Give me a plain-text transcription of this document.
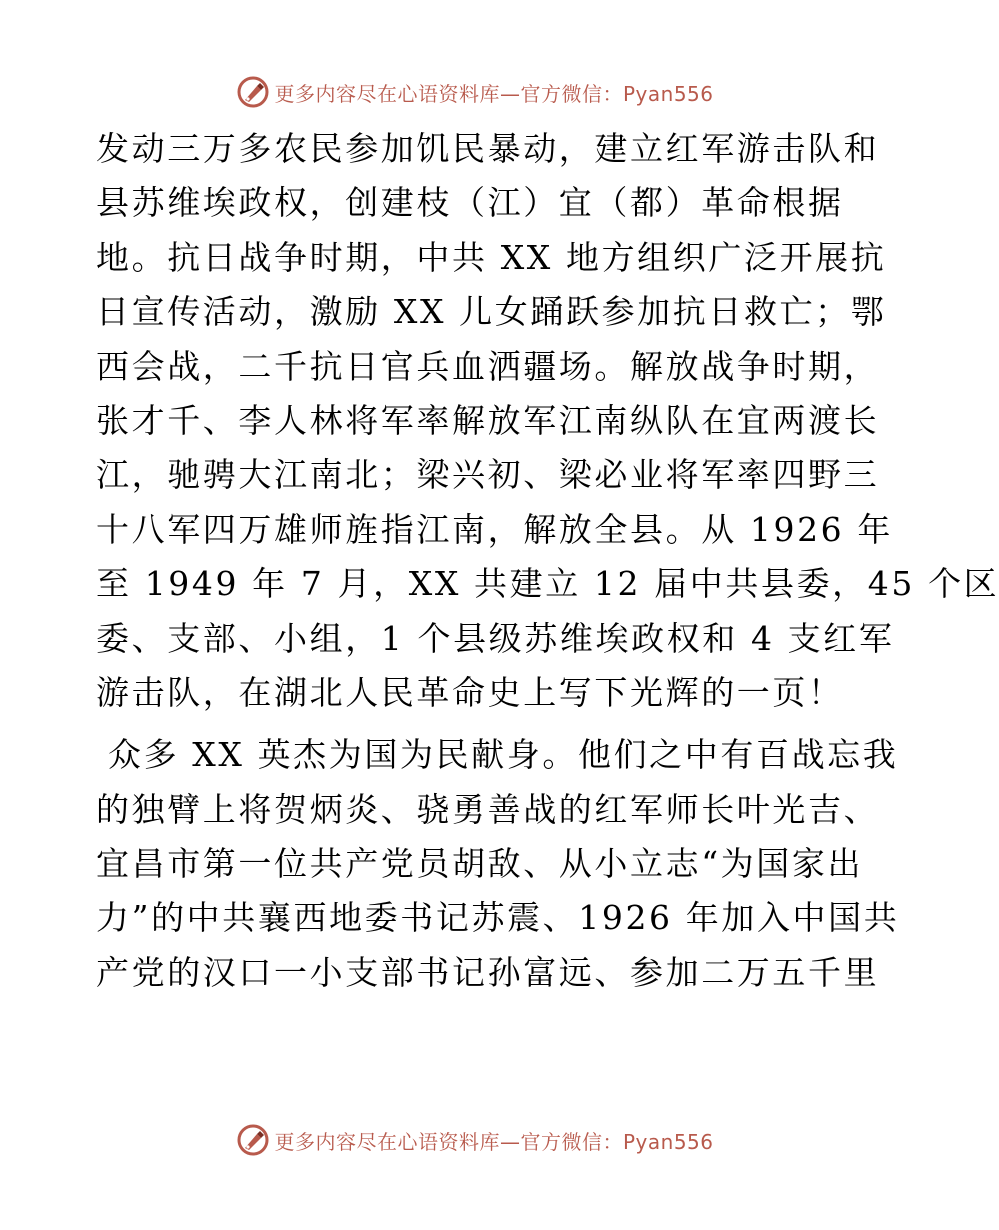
更多内容尽在心语资料库—官方微信：Pyan556
发动三万多农民参加饥民暴动，建立红军游击队和
县苏维埃政权，创建枝（江）宜（都）革命根据
地。抗日战争时期，中共 XX 地方组织广泛开展抗
日宣传活动，激励 XX 儿女踊跃参加抗日救亡；鄂
西会战，二千抗日官兵血洒疆场。解放战争时期，
张才千、李人林将军率解放军江南纵队在宜两渡长
江，驰骋大江南北；梁兴初、梁必业将军率四野三
十八军四万雄师旌指江南，解放全县。从 1926 年
至 1949 年 7 月，XX 共建立 12 届中共县委，45 个区
委、支部、小组，1 个县级苏维埃政权和 4 支红军
游击队，在湖北人民革命史上写下光辉的一页！
众多 XX 英杰为国为民献身。他们之中有百战忘我
的独臂上将贺炳炎、骁勇善战的红军师长叶光吉、
宜昌市第一位共产党员胡敌、从小立志“为国家出
力”的中共襄西地委书记苏震、1926 年加入中国共
产党的汉口一小支部书记孙富远、参加二万五千里
更多内容尽在心语资料库—官方微信：Pyan556
